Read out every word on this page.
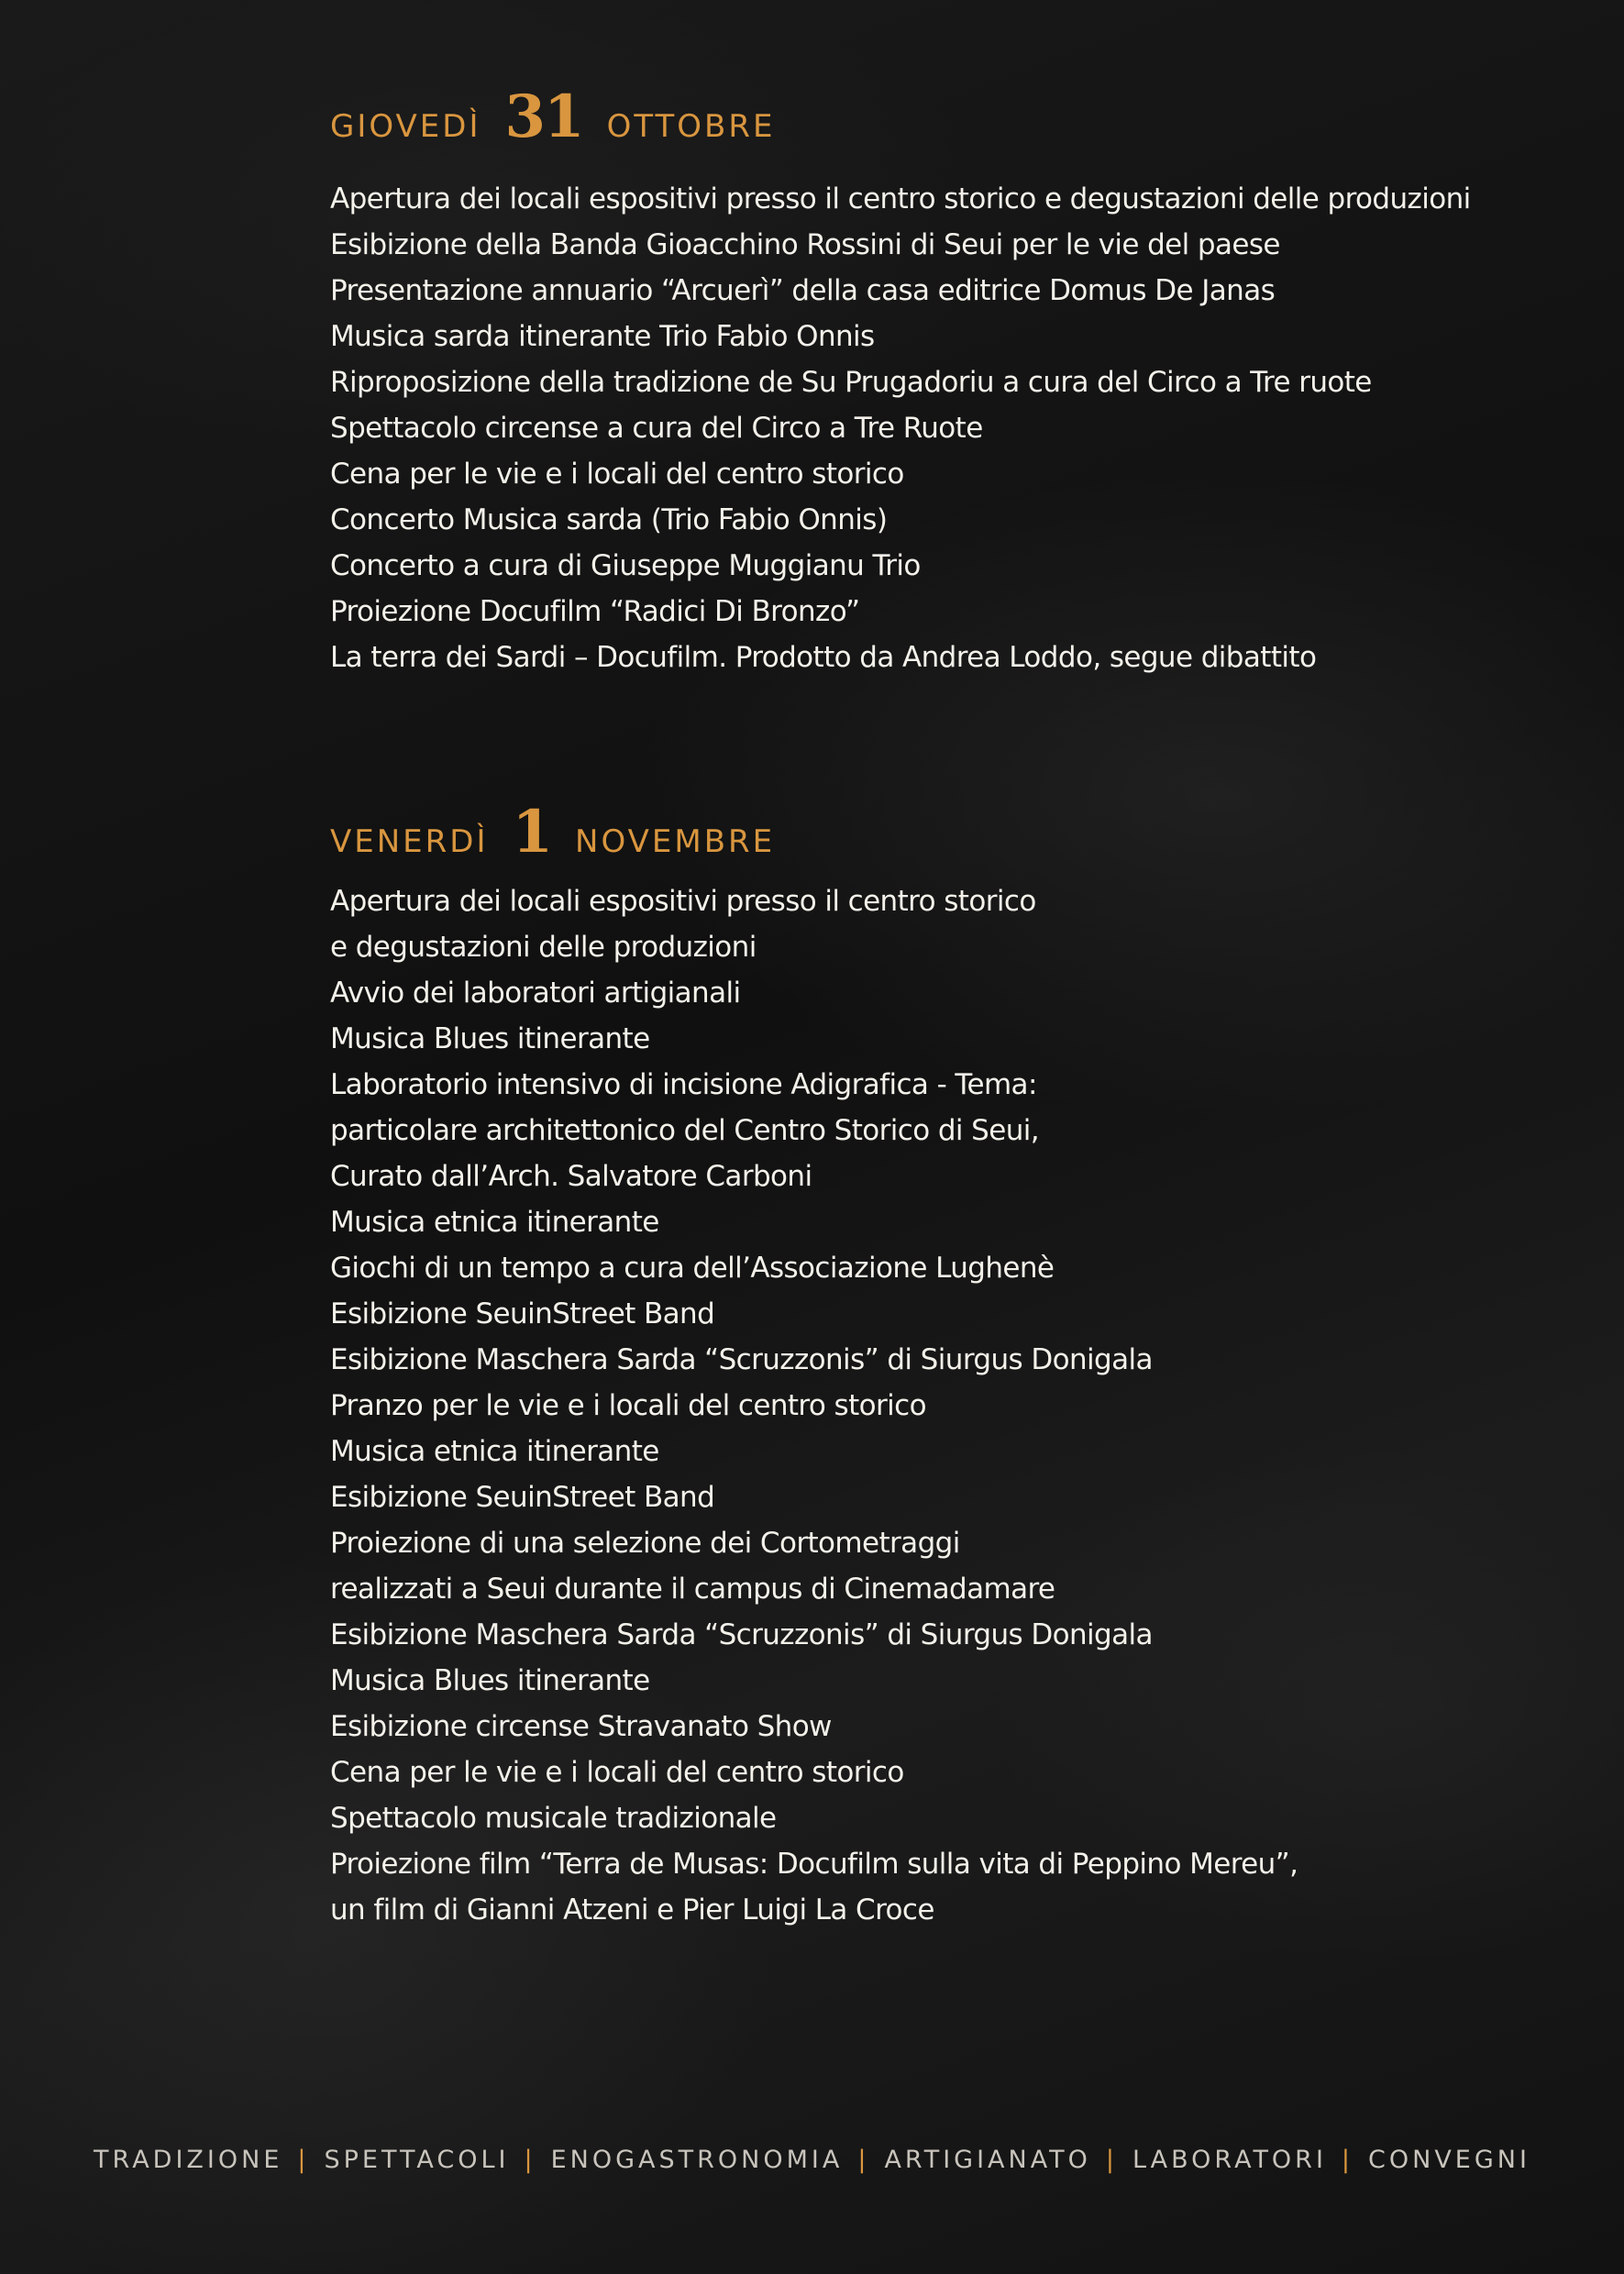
GIOVEDÌ 31 OTTOBRE
Apertura dei locali espositivi presso il centro storico e degustazioni delle produzioni
Esibizione della Banda Gioacchino Rossini di Seui per le vie del paese
Presentazione annuario “Arcuerì” della casa editrice Domus De Janas
Musica sarda itinerante Trio Fabio Onnis
Riproposizione della tradizione de Su Prugadoriu a cura del Circo a Tre ruote
Spettacolo circense a cura del Circo a Tre Ruote
Cena per le vie e i locali del centro storico
Concerto Musica sarda (Trio Fabio Onnis)
Concerto a cura di Giuseppe Muggianu Trio
Proiezione Docufilm “Radici Di Bronzo”
La terra dei Sardi – Docufilm. Prodotto da Andrea Loddo, segue dibattito
VENERDÌ 1 NOVEMBRE
Apertura dei locali espositivi presso il centro storico
e degustazioni delle produzioni
Avvio dei laboratori artigianali
Musica Blues itinerante
Laboratorio intensivo di incisione Adigrafica - Tema:
particolare architettonico del Centro Storico di Seui,
Curato dall’Arch. Salvatore Carboni
Musica etnica itinerante
Giochi di un tempo a cura dell’Associazione Lughenè
Esibizione SeuinStreet Band
Esibizione Maschera Sarda “Scruzzonis” di Siurgus Donigala
Pranzo per le vie e i locali del centro storico
Musica etnica itinerante
Esibizione SeuinStreet Band
Proiezione di una selezione dei Cortometraggi
realizzati a Seui durante il campus di Cinemadamare
Esibizione Maschera Sarda “Scruzzonis” di Siurgus Donigala
Musica Blues itinerante
Esibizione circense Stravanato Show
Cena per le vie e i locali del centro storico
Spettacolo musicale tradizionale
Proiezione film “Terra de Musas: Docufilm sulla vita di Peppino Mereu”,
un film di Gianni Atzeni e Pier Luigi La Croce
TRADIZIONE | SPETTACOLI | ENOGASTRONOMIA | ARTIGIANATO | LABORATORI | CONVEGNI
